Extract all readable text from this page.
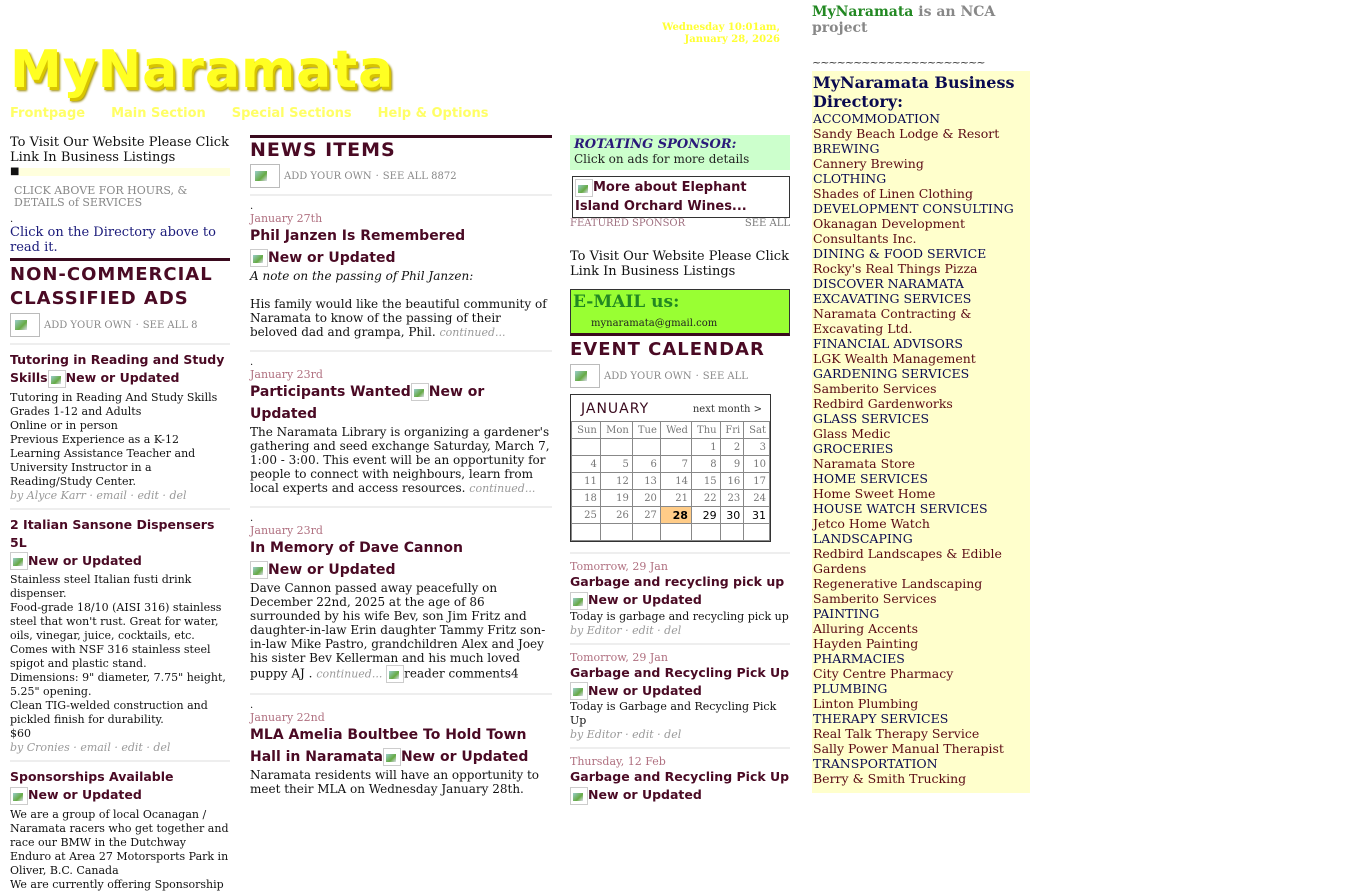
MyNaramata
Wednesday 10:01am,
January 28, 2026
Frontpage Main Section Special Sections Help & Options
To Visit Our Website Please Click Link In Business Listings
■
CLICK ABOVE FOR HOURS, & DETAILS of SERVICES
.
Click on the Directory above to read it.
NON-COMMERCIAL CLASSIFIED ADS
ADD YOUR OWN · SEE ALL 8
Tutoring in Reading and Study Skills New or Updated
Tutoring in Reading And Study Skills
Grades 1-12 and Adults
Online or in person
Previous Experience as a K-12 Learning Assistance Teacher and University Instructor in a Reading/Study Center.
by Alyce Karr · email · edit · del
2 Italian Sansone Dispensers 5L
New or Updated
Stainless steel Italian fusti drink dispenser.
Food-grade 18/10 (AISI 316) stainless steel that won't rust. Great for water, oils, vinegar, juice, cocktails, etc. Comes with NSF 316 stainless steel spigot and plastic stand.
Dimensions: 9" diameter, 7.75" height, 5.25" opening.
Clean TIG-welded construction and pickled finish for durability.
$60
by Cronies · email · edit · del
Sponsorships Available
New or Updated
We are a group of local Ocanagan / Naramata racers who get together and race our BMW in the Dutchway Enduro at Area 27 Motorsports Park in Oliver, B.C. Canada
We are currently offering Sponsorship
NEWS ITEMS
ADD YOUR OWN · SEE ALL 8872
.
January 27th
Phil Janzen Is Remembered
New or Updated
A note on the passing of Phil Janzen:
His family would like the beautiful community of Naramata to know of the passing of their beloved dad and grampa, Phil. continued...
.
January 23rd
Participants Wanted New or Updated
The Naramata Library is organizing a gardener's gathering and seed exchange Saturday, March 7, 1:00 - 3:00. This event will be an opportunity for people to connect with neighbours, learn from local experts and access resources. continued...
.
January 23rd
In Memory of Dave Cannon
New or Updated
Dave Cannon passed away peacefully on December 22nd, 2025 at the age of 86 surrounded by his wife Bev, son Jim Fritz and daughter-in-law Erin daughter Tammy Fritz son-in-law Mike Pastro, grandchildren Alex and Joey his sister Bev Kellerman and his much loved puppy AJ . continued... reader comments4
.
January 22nd
MLA Amelia Boultbee To Hold Town Hall in Naramata New or Updated
Naramata residents will have an opportunity to meet their MLA on Wednesday January 28th.
ROTATING SPONSOR:
Click on ads for more details
More about Elephant Island Orchard Wines...
FEATURED SPONSOR	SEE ALL
To Visit Our Website Please Click Link In Business Listings
E-MAIL us:
mynaramata@gmail.com
EVENT CALENDAR
ADD YOUR OWN · SEE ALL
JANUARY	next month >
Sun	Mon	Tue	Wed	Thu	Fri	Sat
				1	2	3
4	5	6	7	8	9	10
11	12	13	14	15	16	17
18	19	20	21	22	23	24
25	26	27	28	29	30	31

Tomorrow, 29 Jan
Garbage and recycling pick up
New or Updated
Today is garbage and recycling pick up
by Editor · edit · del
Tomorrow, 29 Jan
Garbage and Recycling Pick Up
New or Updated
Today is Garbage and Recycling Pick Up
by Editor · edit · del
Thursday, 12 Feb
Garbage and Recycling Pick Up
New or Updated
MyNaramata is an NCA project
~~~~~~~~~~~~~~~~~~~~~
MyNaramata Business Directory:
ACCOMMODATION
Sandy Beach Lodge & Resort
BREWING
Cannery Brewing
CLOTHING
Shades of Linen Clothing
DEVELOPMENT CONSULTING
Okanagan Development Consultants Inc.
DINING & FOOD SERVICE
Rocky's Real Things Pizza
DISCOVER NARAMATA
EXCAVATING SERVICES
Naramata Contracting & Excavating Ltd.
FINANCIAL ADVISORS
LGK Wealth Management
GARDENING SERVICES
Samberito Services
Redbird Gardenworks
GLASS SERVICES
Glass Medic
GROCERIES
Naramata Store
HOME SERVICES
Home Sweet Home
HOUSE WATCH SERVICES
Jetco Home Watch
LANDSCAPING
Redbird Landscapes & Edible Gardens
Regenerative Landscaping
Samberito Services
PAINTING
Alluring Accents
Hayden Painting
PHARMACIES
City Centre Pharmacy
PLUMBING
Linton Plumbing
THERAPY SERVICES
Real Talk Therapy Service
Sally Power Manual Therapist
TRANSPORTATION
Berry & Smith Trucking
